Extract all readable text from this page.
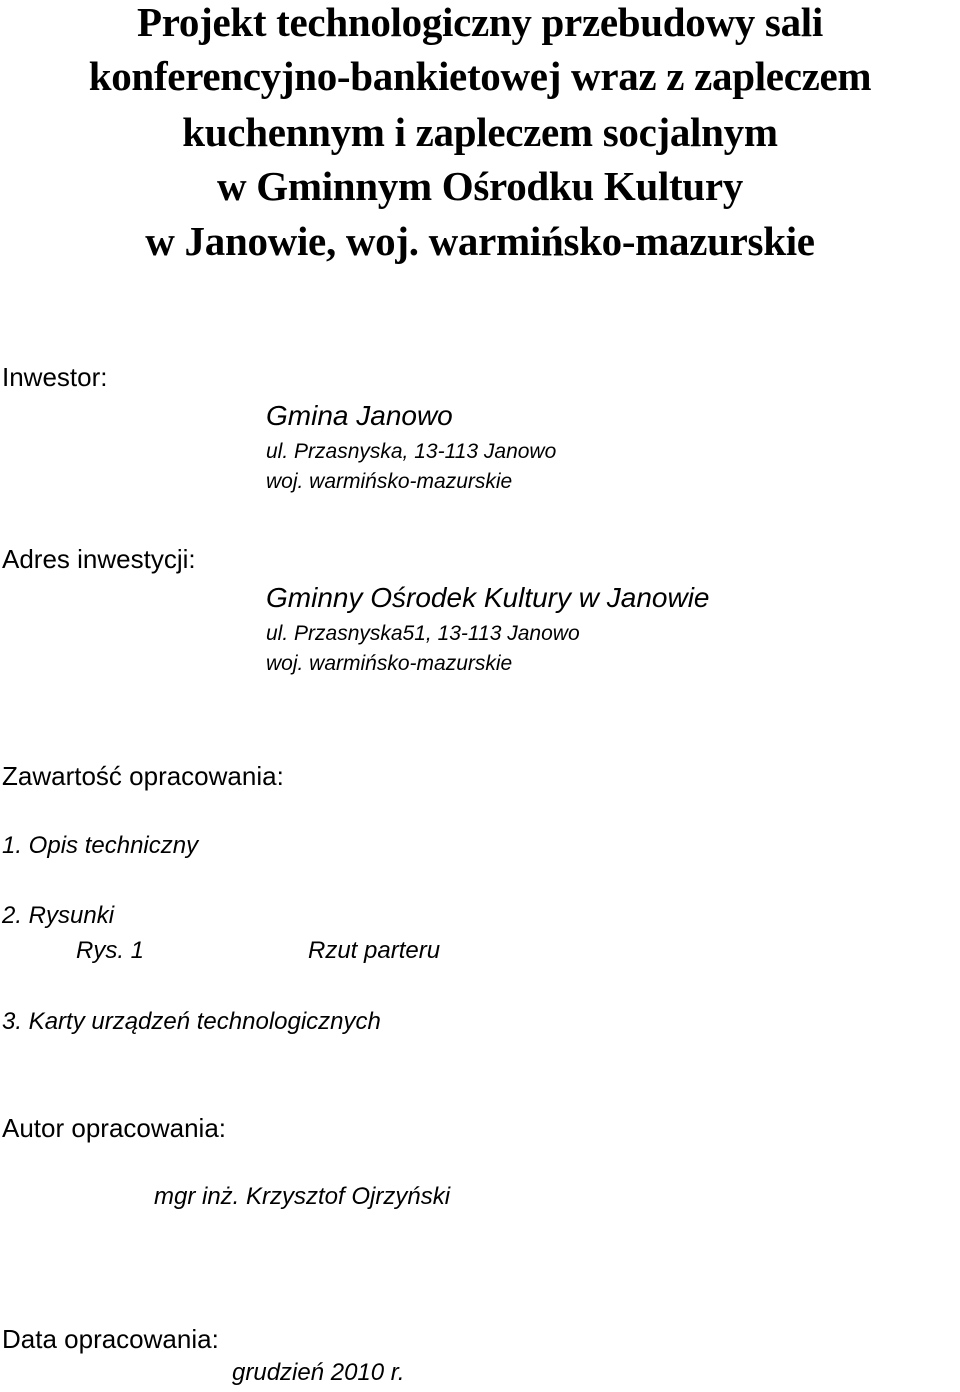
Projekt technologiczny przebudowy sali

konferencyjno-bankietowej wraz z zapleczem

kuchennym i zapleczem socjalnym

w Gminnym Ośrodku Kultury

w Janowie, woj. warmińsko-mazurskie

Inwestor:

Gmina Janowo

ul. Przasnyska, 13-113 Janowo

woj. warmińsko-mazurskie

Adres inwestycji:

Gminny Ośrodek Kultury w Janowie

ul. Przasnyska51, 13-113 Janowo

woj. warmińsko-mazurskie

Zawartość opracowania:

1. Opis techniczny

2. Rysunki

Rys. 1	Rzut parteru

3. Karty urządzeń technologicznych

Autor opracowania:

mgr inż. Krzysztof Ojrzyński

Data opracowania:

grudzień 2010 r.
